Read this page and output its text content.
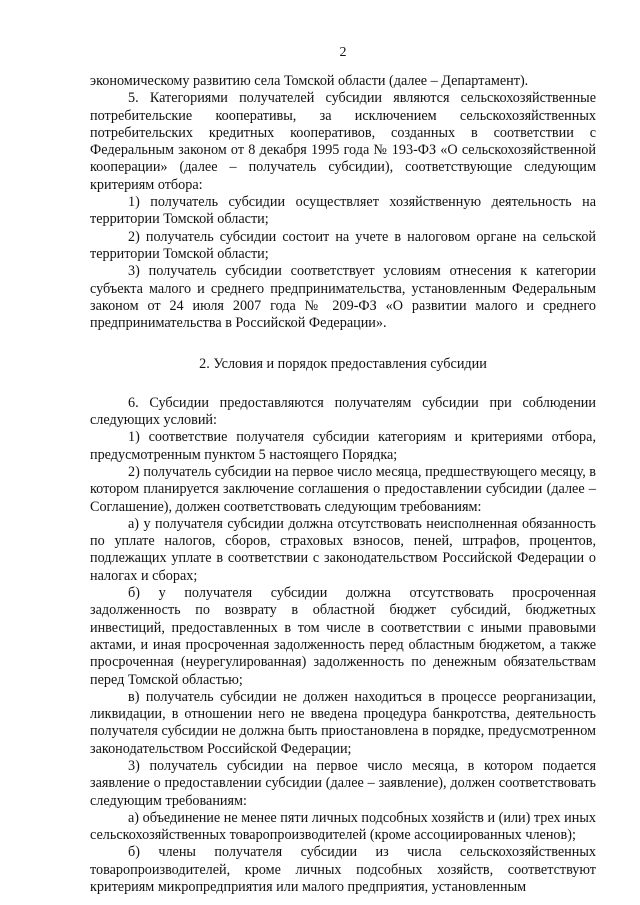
2

экономическому развитию села Томской области (далее – Департамент).

5. Категориями получателей субсидии являются сельскохозяйственные потребительские кооперативы, за исключением сельскохозяйственных потребительских кредитных кооперативов, созданных в соответствии с Федеральным законом от 8 декабря 1995 года № 193-ФЗ «О сельскохозяйственной кооперации» (далее – получатель субсидии), соответствующие следующим критериям отбора:

1) получатель субсидии осуществляет хозяйственную деятельность на территории Томской области;

2) получатель субсидии состоит на учете в налоговом органе на сельской территории Томской области;

3) получатель субсидии соответствует условиям отнесения к категории субъекта малого и среднего предпринимательства, установленным Федеральным законом от 24 июля 2007 года № 209-ФЗ «О развитии малого и среднего предпринимательства в Российской Федерации».

2. Условия и порядок предоставления субсидии

6. Субсидии предоставляются получателям субсидии при соблюдении следующих условий:

1) соответствие получателя субсидии категориям и критериями отбора, предусмотренным пунктом 5 настоящего Порядка;

2) получатель субсидии на первое число месяца, предшествующего месяцу, в котором планируется заключение соглашения о предоставлении субсидии (далее – Соглашение), должен соответствовать следующим требованиям:

а) у получателя субсидии должна отсутствовать неисполненная обязанность по уплате налогов, сборов, страховых взносов, пеней, штрафов, процентов, подлежащих уплате в соответствии с законодательством Российской Федерации о налогах и сборах;

б) у получателя субсидии должна отсутствовать просроченная задолженность по возврату в областной бюджет субсидий, бюджетных инвестиций, предоставленных в том числе в соответствии с иными правовыми актами, и иная просроченная задолженность перед областным бюджетом, а также просроченная (неурегулированная) задолженность по денежным обязательствам перед Томской областью;

в) получатель субсидии не должен находиться в процессе реорганизации, ликвидации, в отношении него не введена процедура банкротства, деятельность получателя субсидии не должна быть приостановлена в порядке, предусмотренном законодательством Российской Федерации;

3) получатель субсидии на первое число месяца, в котором подается заявление о предоставлении субсидии (далее – заявление), должен соответствовать следующим требованиям:

а) объединение не менее пяти личных подсобных хозяйств и (или) трех иных сельскохозяйственных товаропроизводителей (кроме ассоциированных членов);

б) члены получателя субсидии из числа сельскохозяйственных товаропроизводителей, кроме личных подсобных хозяйств, соответствуют критериям микропредприятия или малого предприятия, установленным
